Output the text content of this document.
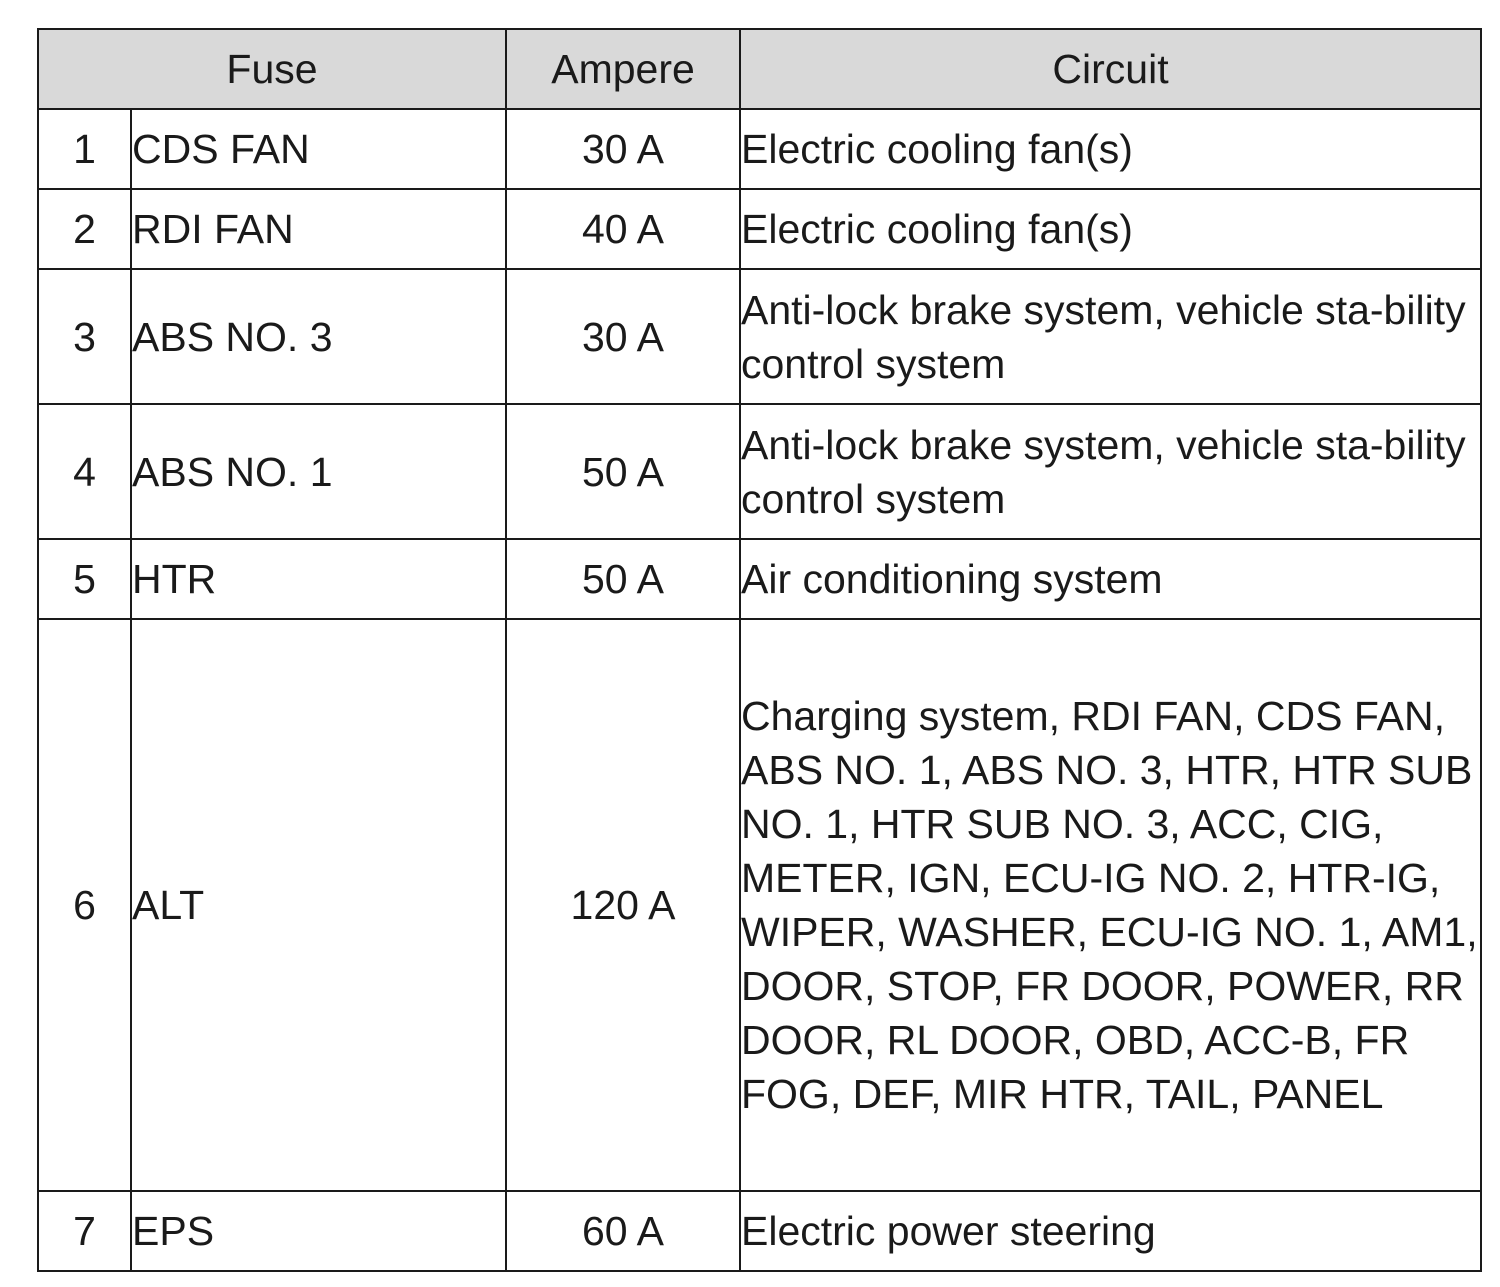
Fuse		Ampere	Circuit
1	CDS FAN	30 A	Electric cooling fan(s)
2	RDI FAN	40 A	Electric cooling fan(s)
3	ABS NO. 3	30 A	Anti-lock brake system, vehicle sta-bility control system
4	ABS NO. 1	50 A	Anti-lock brake system, vehicle sta-bility control system
5	HTR	50 A	Air conditioning system
6	ALT	120 A	Charging system, RDI FAN, CDS FAN, ABS NO. 1, ABS NO. 3, HTR, HTR SUB NO. 1, HTR SUB NO. 3, ACC, CIG, METER, IGN, ECU-IG NO. 2, HTR-IG, WIPER, WASHER, ECU-IG NO. 1, AM1, DOOR, STOP, FR DOOR, POWER, RR DOOR, RL DOOR, OBD, ACC-B, FR FOG, DEF, MIR HTR, TAIL, PANEL
7	EPS	60 A	Electric power steering
